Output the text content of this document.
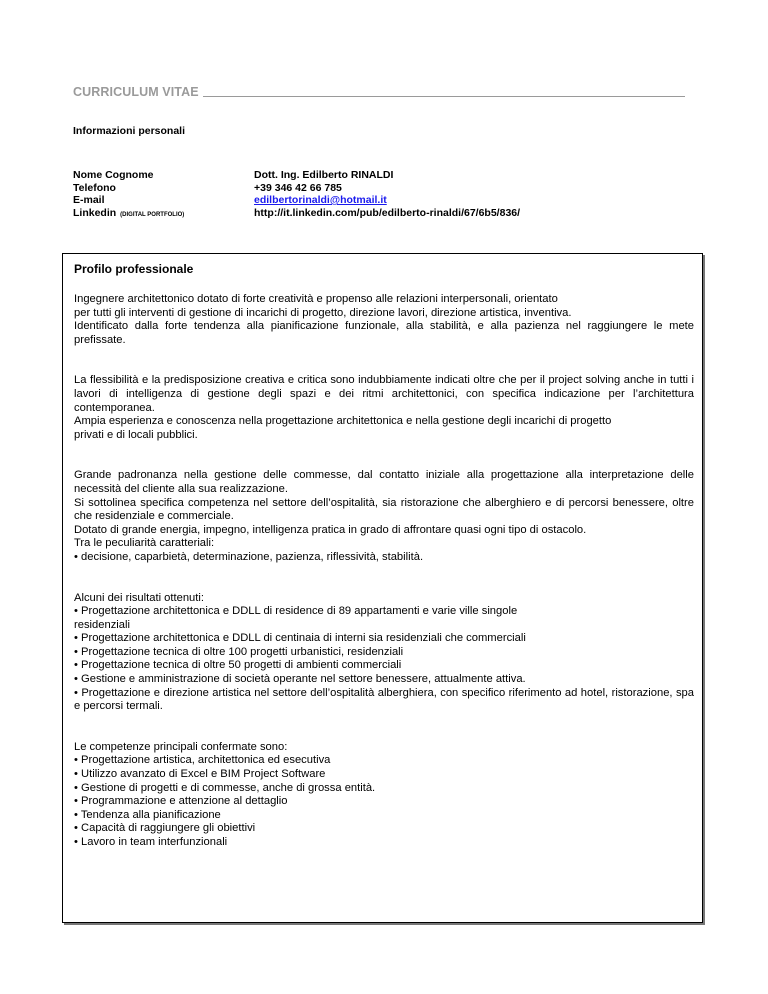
CURRICULUM VITAE
Informazioni personali
Nome Cognome	Dott. Ing. Edilberto RINALDI
Telefono	+39 346 42 66 785
E-mail	edilbertorinaldi@hotmail.it
Linkedin (DIGITAL PORTFOLIO)	http://it.linkedin.com/pub/edilberto-rinaldi/67/6b5/836/
Profilo professionale

Ingegnere architettonico dotato di forte creatività e propenso alle relazioni interpersonali, orientato

per tutti gli interventi di gestione di incarichi di progetto, direzione lavori, direzione artistica, inventiva.

Identificato dalla forte tendenza alla pianificazione funzionale, alla stabilità, e alla pazienza nel raggiungere le mete prefissate.

La flessibilità e la predisposizione creativa e critica sono indubbiamente indicati oltre che per il project solving anche in tutti i lavori di intelligenza di gestione degli spazi e dei ritmi architettonici, con specifica indicazione per l’architettura contemporanea.

Ampia esperienza e conoscenza nella progettazione architettonica e nella gestione degli incarichi di progetto

privati e di locali pubblici.

Grande padronanza nella gestione delle commesse, dal contatto iniziale alla progettazione alla interpretazione delle necessità del cliente alla sua realizzazione.

Si sottolinea specifica competenza nel settore dell’ospitalità, sia ristorazione che alberghiero e di percorsi benessere, oltre che residenziale e commerciale.

Dotato di grande energia, impegno, intelligenza pratica in grado di affrontare quasi ogni tipo di ostacolo.

Tra le peculiarità caratteriali:

• decisione, caparbietà, determinazione, pazienza, riflessività, stabilità.

Alcuni dei risultati ottenuti:

• Progettazione architettonica e DDLL di residence di 89 appartamenti e varie ville singole

residenziali

• Progettazione architettonica e DDLL di centinaia di interni sia residenziali che commerciali

• Progettazione tecnica di oltre 100 progetti urbanistici, residenziali

• Progettazione tecnica di oltre 50 progetti di ambienti commerciali

• Gestione e amministrazione di società operante nel settore benessere, attualmente attiva.

• Progettazione e direzione artistica nel settore dell’ospitalità alberghiera, con specifico riferimento ad hotel, ristorazione, spa e percorsi termali.

Le competenze principali confermate sono:

• Progettazione artistica, architettonica ed esecutiva

• Utilizzo avanzato di Excel e BIM Project Software

• Gestione di progetti e di commesse, anche di grossa entità.

• Programmazione e attenzione al dettaglio

• Tendenza alla pianificazione

• Capacità di raggiungere gli obiettivi

• Lavoro in team interfunzionali
